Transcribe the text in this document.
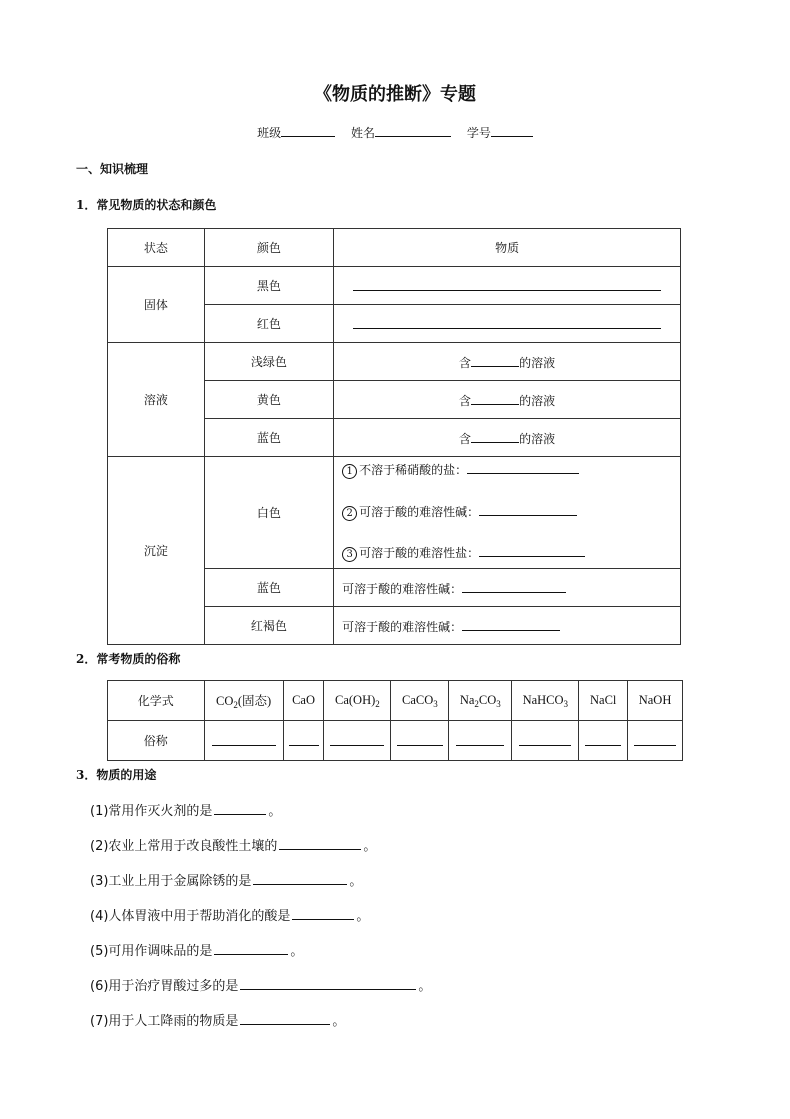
《物质的推断》专题
班级	姓名	学号
一、知识梳理
1．常见物质的状态和颜色
状态	颜色	物质
固体	黑色	
	红色	
溶液	浅绿色	含 的溶液
	黄色	含 的溶液
	蓝色	含 的溶液
沉淀	白色	1 不溶于稀硝酸的盐：
2 可溶于酸的难溶性碱：
3 可溶于酸的难溶性盐：

	蓝色	可溶于酸的难溶性碱：
	红褐色	可溶于酸的难溶性碱：
2．常考物质的俗称
化学式	$CO_2$(固态)	CaO	$Ca(OH)_2$	CaCO$_3$	$Na_2CO_3$	NaHCO$_3$	NaCl	NaOH
俗称								
3．物质的用途
(1)常用作灭火剂的是	。
(2)农业上常用于改良酸性土壤的	。
(3)工业上用于金属除锈的是	。
(4)人体胃液中用于帮助消化的酸是	。
(5)可用作调味品的是	。
(6)用于治疗胃酸过多的是	。
(7)用于人工降雨的物质是	。
